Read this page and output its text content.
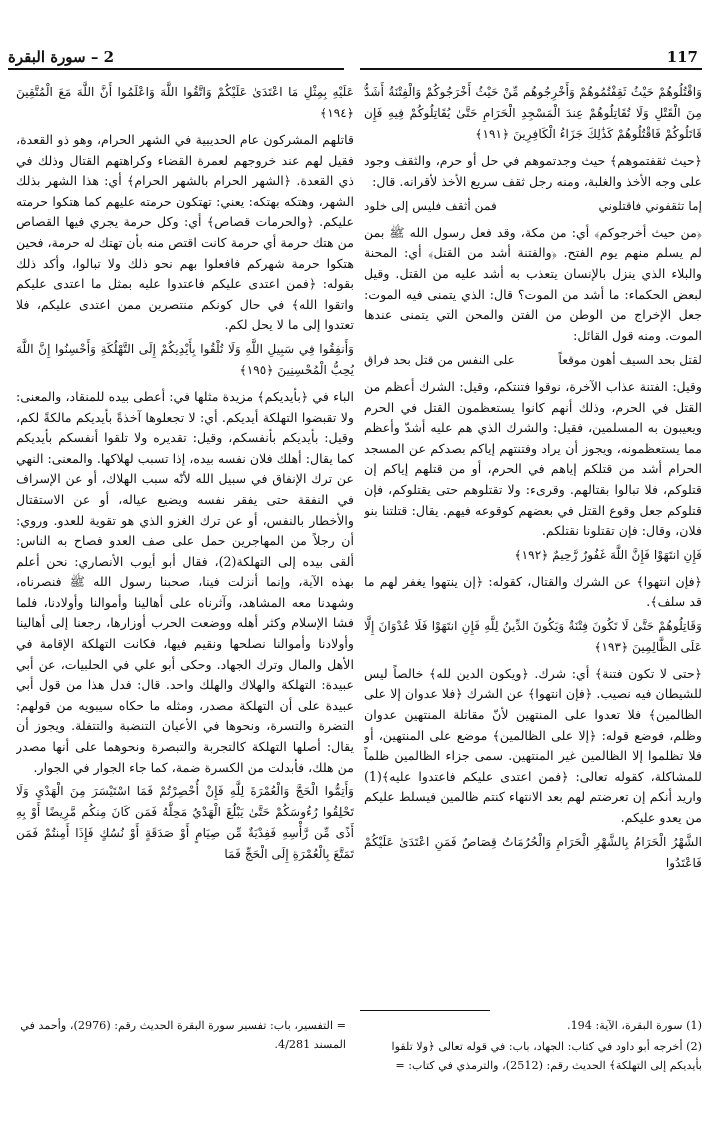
117
2 – سورة البقرة

وَاقْتُلُوهُمْ حَيْثُ ثَقِفْتُمُوهُمْ وَأَخْرِجُوهُم مِّنْ حَيْثُ أَخْرَجُوكُمْ وَالْفِتْنَةُ أَشَدُّ مِنَ الْقَتْلِ وَلَا تُقَاتِلُوهُمْ عِندَ الْمَسْجِدِ الْحَرَامِ حَتَّىٰ يُقَاتِلُوكُمْ فِيهِ فَإِن قَاتَلُوكُمْ فَاقْتُلُوهُمْ كَذَٰلِكَ جَزَاءُ الْكَافِرِينَ ﴿١٩١﴾

﴿حيث ثقفتموهم﴾ حيث وجدتموهم في حل أو حرم، والثقف وجود على وجه الأخذ والغلبة، ومنه رجل ثقف سريع الأخذ لأقرانه. قال:

إما تثقفوني فاقتلوني
فمن أثقف فليس إلى خلود

﴿من حيث أخرجوكم﴾ أي: من مكة، وقد فعل رسول الله ﷺ بمن لم يسلم منهم يوم الفتح. ﴿والفتنة أشد من القتل﴾ أي: المحنة والبلاء الذي ينزل بالإنسان يتعذب به أشد عليه من القتل. وقيل لبعض الحكماء: ما أشد من الموت؟ قال: الذي يتمنى فيه الموت: جعل الإخراج من الوطن من الفتن والمحن التي يتمنى عندها الموت. ومنه قول القائل:

لقتل بحد السيف أهون موقعاً
على النفس من قتل بحد فراق

وقيل: الفتنة عذاب الآخرة، نوقوا فتنتكم، وقيل: الشرك أعظم من القتل في الحرم، وذلك أنهم كانوا يستعظمون القتل في الحرم ويعيبون به المسلمين، فقيل: والشرك الذي هم عليه أشدّ وأعظم مما يستعظمونه، ويجوز أن يراد وفتنتهم إياكم بصدكم عن المسجد الحرام أشد من قتلكم إياهم في الحرم، أو من قتلهم إياكم إن قتلوكم، فلا تبالوا بقتالهم. وقرىء: ولا تقتلوهم حتى يقتلوكم، فإن قتلوكم جعل وقوع القتل في بعضهم كوقوعه فيهم. يقال: قتلتنا بنو فلان، وقال: فإن تقتلونا نقتلكم.

فَإِنِ انتَهَوْا فَإِنَّ اللَّهَ غَفُورٌ رَّحِيمٌ ﴿١٩٢﴾

﴿فإن انتهوا﴾ عن الشرك والقتال، كقوله: ﴿إن ينتهوا يغفر لهم ما قد سلف﴾.

وَقَاتِلُوهُمْ حَتَّىٰ لَا تَكُونَ فِتْنَةٌ وَيَكُونَ الدِّينُ لِلَّهِ فَإِنِ انتَهَوْا فَلَا عُدْوَانَ إِلَّا عَلَى الظَّالِمِينَ ﴿١٩٣﴾

﴿حتى لا تكون فتنة﴾ أي: شرك. ﴿ويكون الدين لله﴾ خالصاً ليس للشيطان فيه نصيب. ﴿فإن انتهوا﴾ عن الشرك ﴿فلا عدوان إلا على الظالمين﴾ فلا تعدوا على المنتهين لأنّ مقاتلة المنتهين عدوان وظلم، فوضع قوله: ﴿إلا على الظالمين﴾ موضع على المنتهين، أو فلا تظلموا إلا الظالمين غير المنتهين. سمى جزاء الظالمين ظلماً للمشاكلة، كقوله تعالى: ﴿فمن اعتدى عليكم فاعتدوا عليه﴾(1) واريد أنكم إن تعرضتم لهم بعد الانتهاء كنتم ظالمين فيسلط عليكم من يعدو عليكم.

الشَّهْرُ الْحَرَامُ بِالشَّهْرِ الْحَرَامِ وَالْحُرُمَاتُ قِصَاصٌ فَمَنِ اعْتَدَىٰ عَلَيْكُمْ فَاعْتَدُوا

عَلَيْهِ بِمِثْلِ مَا اعْتَدَىٰ عَلَيْكُمْ وَاتَّقُوا اللَّهَ وَاعْلَمُوا أَنَّ اللَّهَ مَعَ الْمُتَّقِينَ ﴿١٩٤﴾

قاتلهم المشركون عام الحديبية في الشهر الحرام، وهو ذو القعدة، فقيل لهم عند خروجهم لعمرة القضاء وكراهتهم القتال وذلك في ذي القعدة. ﴿الشهر الحرام بالشهر الحرام﴾ أي: هذا الشهر بذلك الشهر، وهتكه بهتكه: يعني: تهتكون حرمته عليهم كما هتكوا حرمته عليكم. ﴿والحرمات قصاص﴾ أي: وكل حرمة يجري فيها القصاص من هتك حرمة أي حرمة كانت اقتص منه بأن تهتك له حرمة، فحين هتكوا حرمة شهركم فافعلوا بهم نحو ذلك ولا تبالوا، وأكد ذلك بقوله: ﴿فمن اعتدى عليكم فاعتدوا عليه بمثل ما اعتدى عليكم واتقوا الله﴾ في حال كونكم منتصرين ممن اعتدى عليكم، فلا تعتدوا إلى ما لا يحل لكم.

وَأَنفِقُوا فِي سَبِيلِ اللَّهِ وَلَا تُلْقُوا بِأَيْدِيكُمْ إِلَى التَّهْلُكَةِ وَأَحْسِنُوا إِنَّ اللَّهَ يُحِبُّ الْمُحْسِنِينَ ﴿١٩٥﴾

الباء في ﴿بأيديكم﴾ مزيدة مثلها في: أعطى بيده للمنقاد، والمعنى: ولا تقبضوا التهلكة أيديكم. أي: لا تجعلوها آخذةً بأيديكم مالكةً لكم، وقيل: بأيديكم بأنفسكم، وقيل: تقديره ولا تلقوا أنفسكم بأيديكم كما يقال: أهلك فلان نفسه بيده، إذا تسبب لهلاكها. والمعنى: النهي عن ترك الإنفاق في سبيل الله لأنّه سبب الهلاك، أو عن الإسراف في النفقة حتى يفقر نفسه ويضيع عياله، أو عن الاستقتال والأخطار بالنفس، أو عن ترك الغزو الذي هو تقوية للعدو. وروي: أن رجلاً من المهاجرين حمل على صف العدو فصاح به الناس: ألقى بيده إلى التهلكة(2)، فقال أبو أيوب الأنصاري: نحن أعلم بهذه الآية، وإنما أنزلت فينا، صحبنا رسول الله ﷺ فنصرناه، وشهدنا معه المشاهد، وآثرناه على أهالينا وأموالنا وأولادنا، فلما فشا الإسلام وكثر أهله ووضعت الحرب أوزارها، رجعنا إلى أهالينا وأولادنا وأموالنا نصلحها ونقيم فيها، فكانت التهلكة الإقامة في الأهل والمال وترك الجهاد. وحكى أبو علي في الحلبيات، عن أبي عبيدة: التهلكة والهلاك والهلك واحد. قال: فدل هذا من قول أبي عبيدة على أن التهلكة مصدر، ومثله ما حكاه سيبويه من قولهم: التضرة والتسرة، ونحوها في الأعيان التنضبة والتتفلة. ويجوز أن يقال: أصلها التهلكة كالتجربة والتبصرة ونحوهما على أنها مصدر من هلك، فأبدلت من الكسرة ضمة، كما جاء الجوار في الجوار.

وَأَتِمُّوا الْحَجَّ وَالْعُمْرَةَ لِلَّهِ فَإِنْ أُحْصِرْتُمْ فَمَا اسْتَيْسَرَ مِنَ الْهَدْيِ وَلَا تَحْلِقُوا رُءُوسَكُمْ حَتَّىٰ يَبْلُغَ الْهَدْيُ مَحِلَّهُ فَمَن كَانَ مِنكُم مَّرِيضًا أَوْ بِهِ أَذًى مِّن رَّأْسِهِ فَفِدْيَةٌ مِّن صِيَامٍ أَوْ صَدَقَةٍ أَوْ نُسُكٍ فَإِذَا أَمِنتُمْ فَمَن تَمَتَّعَ بِالْعُمْرَةِ إِلَى الْحَجِّ فَمَا

(1) سورة البقرة، الآية: 194.

(2) أخرجه أبو داود في كتاب: الجهاد، باب: في قوله تعالى ﴿ولا تلقوا بأيديكم إلى التهلكة﴾ الحديث رقم: (2512)، والترمذي في كتاب: =

= التفسير، باب: تفسير سورة البقرة الحديث رقم: (2976)، وأحمد في المسند 4/281.
